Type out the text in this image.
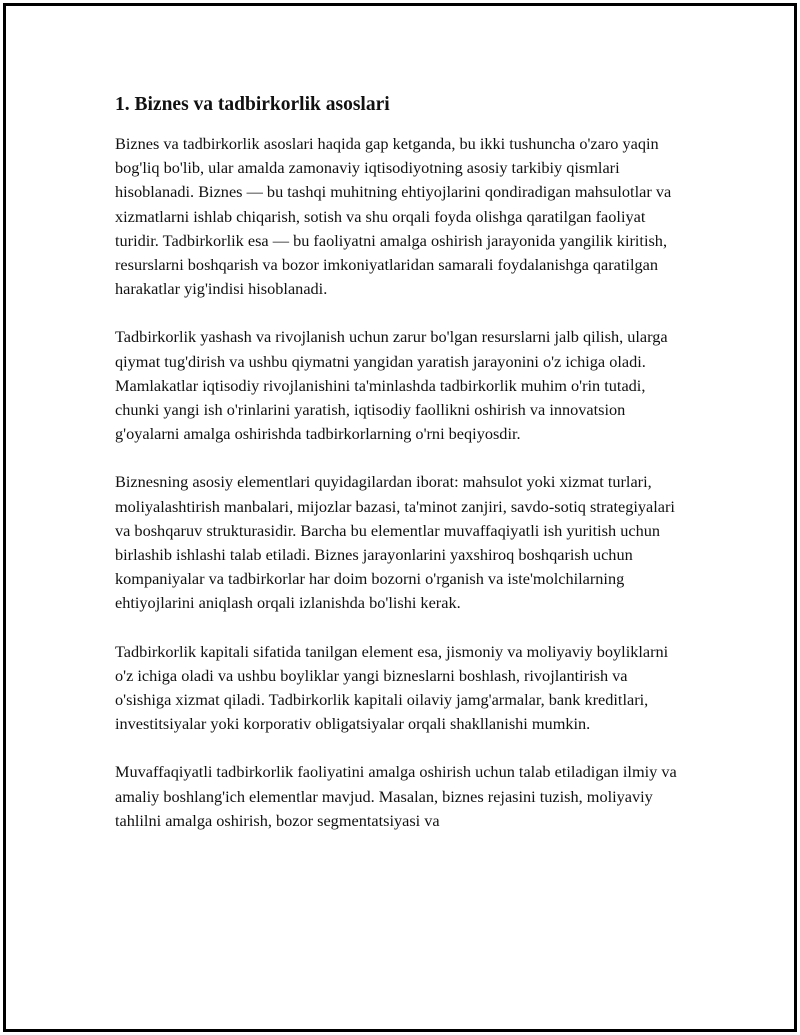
1. Biznes va tadbirkorlik asoslari

Biznes va tadbirkorlik asoslari haqida gap ketganda, bu ikki tushuncha o'zaro yaqin bog'liq bo'lib, ular amalda zamonaviy iqtisodiyotning asosiy tarkibiy qismlari hisoblanadi. Biznes — bu tashqi muhitning ehtiyojlarini qondiradigan mahsulotlar va xizmatlarni ishlab chiqarish, sotish va shu orqali foyda olishga qaratilgan faoliyat turidir. Tadbirkorlik esa — bu faoliyatni amalga oshirish jarayonida yangilik kiritish, resurslarni boshqarish va bozor imkoniyatlaridan samarali foydalanishga qaratilgan harakatlar yig'indisi hisoblanadi.

Tadbirkorlik yashash va rivojlanish uchun zarur bo'lgan resurslarni jalb qilish, ularga qiymat tug'dirish va ushbu qiymatni yangidan yaratish jarayonini o'z ichiga oladi. Mamlakatlar iqtisodiy rivojlanishini ta'minlashda tadbirkorlik muhim o'rin tutadi, chunki yangi ish o'rinlarini yaratish, iqtisodiy faollikni oshirish va innovatsion g'oyalarni amalga oshirishda tadbirkorlarning o'rni beqiyosdir.

Biznesning asosiy elementlari quyidagilardan iborat: mahsulot yoki xizmat turlari, moliyalashtirish manbalari, mijozlar bazasi, ta'minot zanjiri, savdo-sotiq strategiyalari va boshqaruv strukturasidir. Barcha bu elementlar muvaffaqiyatli ish yuritish uchun birlashib ishlashi talab etiladi. Biznes jarayonlarini yaxshiroq boshqarish uchun kompaniyalar va tadbirkorlar har doim bozorni o'rganish va iste'molchilarning ehtiyojlarini aniqlash orqali izlanishda bo'lishi kerak.

Tadbirkorlik kapitali sifatida tanilgan element esa, jismoniy va moliyaviy boyliklarni o'z ichiga oladi va ushbu boyliklar yangi bizneslarni boshlash, rivojlantirish va o'sishiga xizmat qiladi. Tadbirkorlik kapitali oilaviy jamg'armalar, bank kreditlari, investitsiyalar yoki korporativ obligatsiyalar orqali shakllanishi mumkin.

Muvaffaqiyatli tadbirkorlik faoliyatini amalga oshirish uchun talab etiladigan ilmiy va amaliy boshlang'ich elementlar mavjud. Masalan, biznes rejasini tuzish, moliyaviy tahlilni amalga oshirish, bozor segmentatsiyasi va
